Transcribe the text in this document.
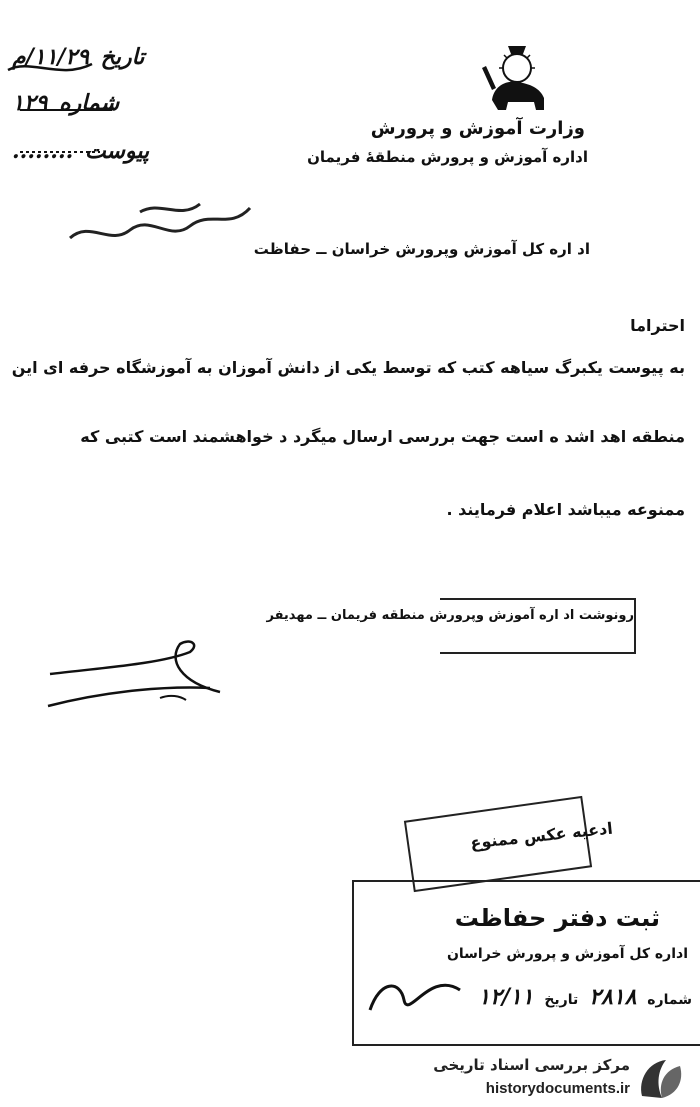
تاریخ ۱۱/۲۹/م
شماره ۱۲۹
پیوست ........
وزارت آموزش و پرورش
اداره آموزش و پرورش منطقۀ فریمان
اد اره کل آموزش وپرورش خراسان ــ حفاظت
احتراما
به پیوست یکبرگ سیاهه کتب که توسط یکی از دانش آموزان به آموزشگاه حرفه ای این
منطقه اهد اشد ه است جهت بررسی ارسال میگرد د خواهشمند است کتبی که
ممنوعه میباشد اعلام فرمایند .
رونوشت اد اره آموزش وپرورش منطقه فریمان ــ مهدیفر
ادعیه عکس ممنوع
ثبت دفتر حفاظت
اداره کل آموزش و پرورش خراسان
شماره ۲۸۱۸ تاریخ ۱۲/۱۱
مرکز بررسی اسناد تاریخی
historydocuments.ir
